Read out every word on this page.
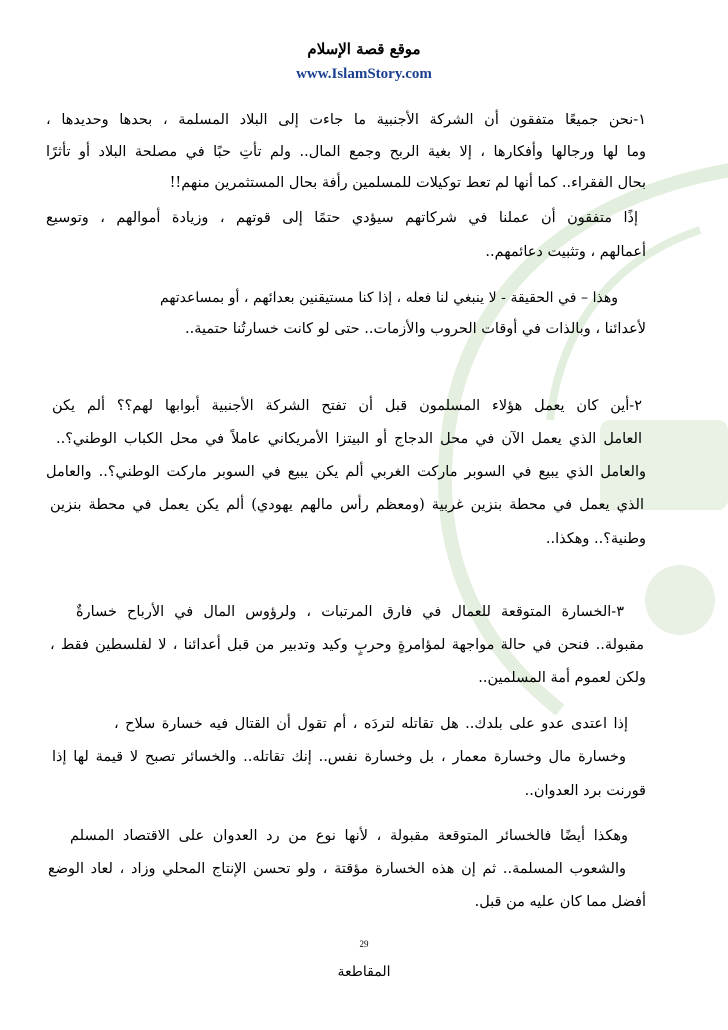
موقع قصة الإسلام
www.IslamStory.com
١-نحن جميعًا متفقون أن الشركة الأجنبية ما جاءت إلى البلاد المسلمة ، بحدها وحديدها ،
وما لها ورجالها وأفكارها ، إلا بغية الربح وجمع المال.. ولم تأتِ حبًا في مصلحة البلاد أو تأثرًا
بحال الفقراء.. كما أنها لم تعط توكيلات للمسلمين رأفة بحال المستثمرين منهم!!
إذًا متفقون أن عملنا في شركاتهم سيؤدي حتمًا إلى قوتهم ، وزيادة أموالهم ، وتوسيع
أعمالهم ، وتثبيت دعائمهم..
وهذا – في الحقيقة - لا ينبغي لنا فعله ، إذا كنا مستيقنين بعدائهم ، أو بمساعدتهم
لأعدائنا ، وبالذات في أوقات الحروب والأزمات.. حتى لو كانت خسارتُنا حتمية..
٢-أين كان يعمل هؤلاء المسلمون قبل أن تفتح الشركة الأجنبية أبوابها لهم؟؟ ألم يكن
العامل الذي يعمل الآن في محل الدجاج أو البيتزا الأمريكاني عاملاً في محل الكباب الوطني؟..
والعامل الذي يبيع في السوبر ماركت الغربي ألم يكن يبيع في السوبر ماركت الوطني؟.. والعامل
الذي يعمل في محطة بنزين غربية (ومعظم رأس مالهم يهودي) ألم يكن يعمل في محطة بنزين
وطنية؟.. وهكذا..
٣-الخسارة المتوقعة للعمال في فارق المرتبات ، ولرؤوس المال في الأرباح خسارةٌ
مقبولة.. فنحن في حالة مواجهة لمؤامرةٍ وحربٍ وكيد وتدبير من قبل أعدائنا ، لا لفلسطين فقط ،
ولكن لعموم أمة المسلمين..
إذا اعتدى عدو على بلدك.. هل تقاتله لتردَه ، أم تقول أن القتال فيه خسارة سلاح ،
وخسارة مال وخسارة معمار ، بل وخسارة نفس.. إنك تقاتله.. والخسائر تصبح لا قيمة لها إذا
قورنت برد العدوان..
وهكذا أيضًا فالخسائر المتوقعة مقبولة ، لأنها نوع من رد العدوان على الاقتصاد المسلم
والشعوب المسلمة.. ثم إن هذه الخسارة مؤقتة ، ولو تحسن الإنتاج المحلي وزاد ، لعاد الوضع
أفضل مما كان عليه من قبل.
29
المقاطعة
